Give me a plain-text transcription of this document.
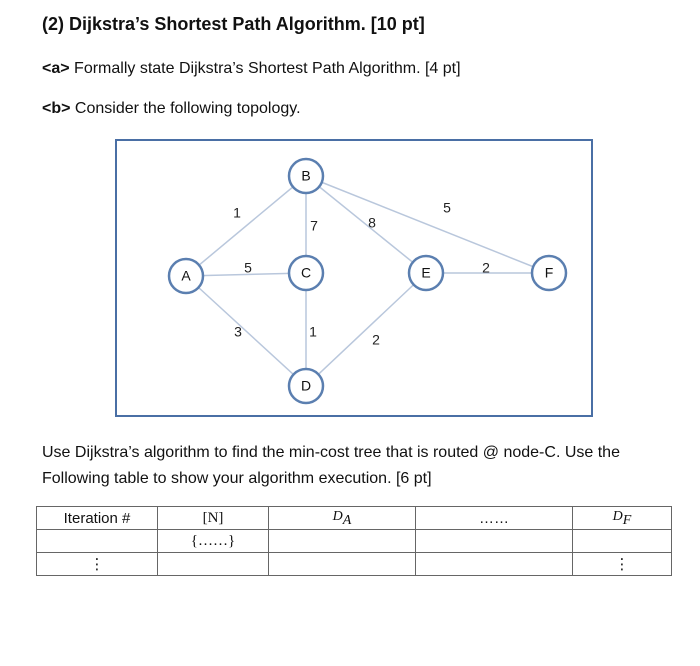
(2) Dijkstra’s Shortest Path Algorithm. [10 pt]
<a> Formally state Dijkstra’s Shortest Path Algorithm. [4 pt]
<b> Consider the following topology.
1
5
3
7	8
5
1	2
2
A
B
C
D
E	F
Use Dijkstra’s algorithm to find the min-cost tree that is routed @ node-C. Use the Following table to show your algorithm execution. [6 pt]
Iteration #	[N]	$D_A$	……	$D_F$
	{……}			
⋮				⋮
